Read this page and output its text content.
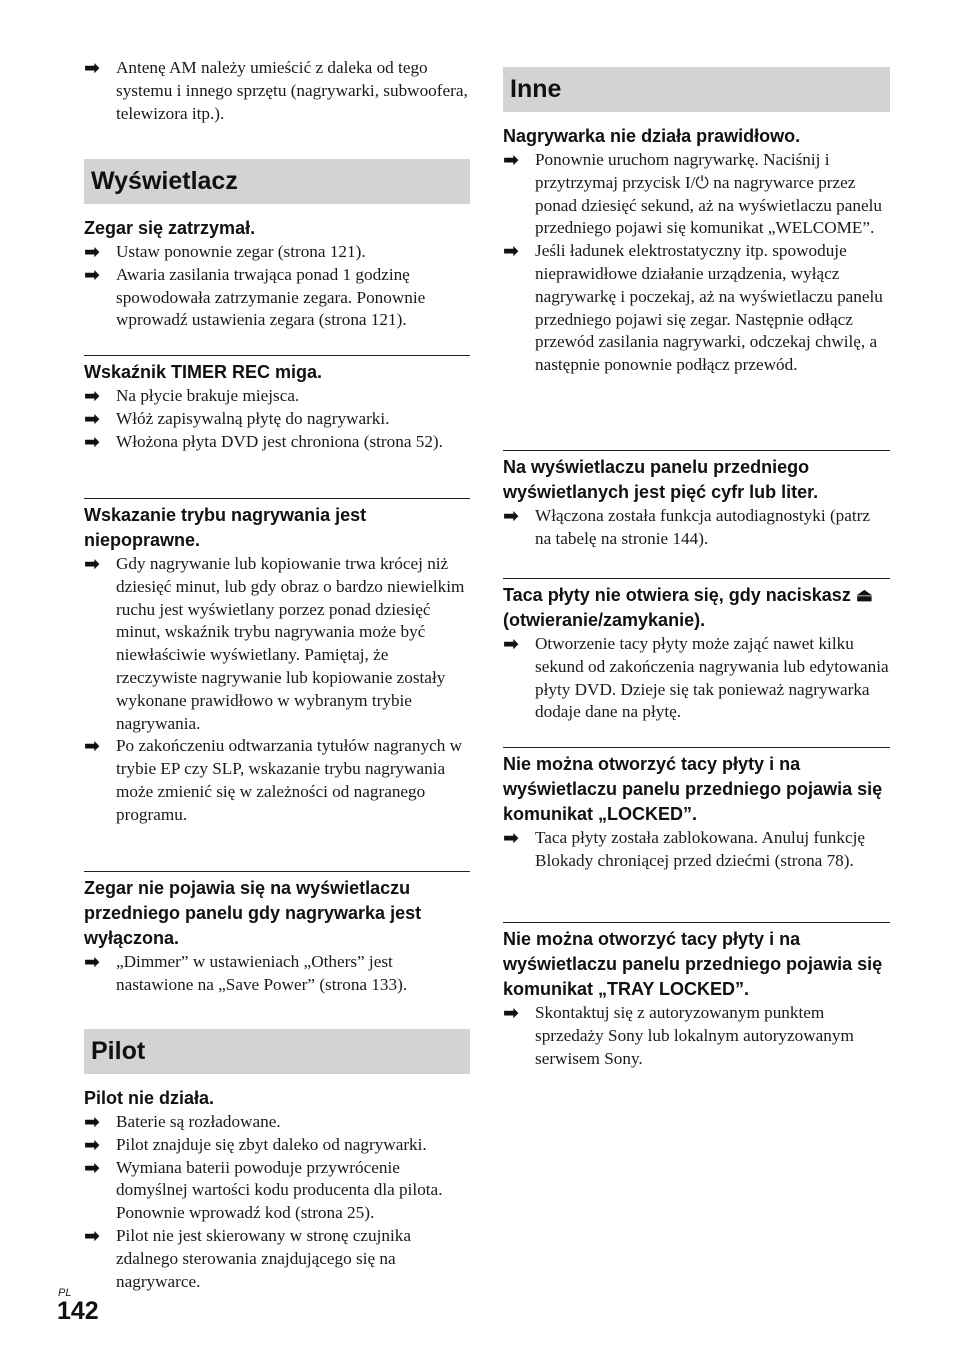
➡ Antenę AM należy umieścić z daleka od tego systemu i innego sprzętu (nagrywarki, subwoofera, telewizora itp.).
Wyświetlacz

Zegar się zatrzymał.

➡ Ustaw ponownie zegar (strona 121).
➡ Awaria zasilania trwająca ponad 1 godzinę spowodowała zatrzymanie zegara. Ponownie wprowadź ustawienia zegara (strona 121).

Wskaźnik TIMER REC miga.

➡ Na płycie brakuje miejsca.
➡ Włóż zapisywalną płytę do nagrywarki.
➡ Włożona płyta DVD jest chroniona (strona 52).

Wskazanie trybu nagrywania jest niepoprawne.

➡ Gdy nagrywanie lub kopiowanie trwa krócej niż dziesięć minut, lub gdy obraz o bardzo niewielkim ruchu jest wyświetlany porzez ponad dziesięć minut, wskaźnik trybu nagrywania może być niewłaściwie wyświetlany. Pamiętaj, że rzeczywiste nagrywanie lub kopiowanie zostały wykonane prawidłowo w wybranym trybie nagrywania.
➡ Po zakończeniu odtwarzania tytułów nagranych w trybie EP czy SLP, wskazanie trybu nagrywania może zmienić się w zależności od nagranego programu.

Zegar nie pojawia się na wyświetlaczu przedniego panelu gdy nagrywarka jest wyłączona.

➡ „Dimmer” w ustawieniach „Others” jest nastawione na „Save Power” (strona 133).
Pilot

Pilot nie działa.

➡ Baterie są rozładowane.
➡ Pilot znajduje się zbyt daleko od nagrywarki.
➡ Wymiana baterii powoduje przywrócenie domyślnej wartości kodu producenta dla pilota. Ponownie wprowadź kod (strona 25).
➡ Pilot nie jest skierowany w stronę czujnika zdalnego sterowania znajdującego się na nagrywarce.
Inne

Nagrywarka nie działa prawidłowo.

➡ Ponownie uruchom nagrywarkę. Naciśnij i przytrzymaj przycisk I/⏻ na nagrywarce przez ponad dziesięć sekund, aż na wyświetlaczu panelu przedniego pojawi się komunikat „WELCOME”.
➡ Jeśli ładunek elektrostatyczny itp. spowoduje nieprawidłowe działanie urządzenia, wyłącz nagrywarkę i poczekaj, aż na wyświetlaczu panelu przedniego pojawi się zegar. Następnie odłącz przewód zasilania nagrywarki, odczekaj chwilę, a następnie ponownie podłącz przewód.

Na wyświetlaczu panelu przedniego wyświetlanych jest pięć cyfr lub liter.

➡ Włączona została funkcja autodiagnostyki (patrz na tabelę na stronie 144).

Taca płyty nie otwiera się, gdy naciskasz ⏏ (otwieranie/zamykanie).

➡ Otworzenie tacy płyty może zająć nawet kilku sekund od zakończenia nagrywania lub edytowania płyty DVD. Dzieje się tak ponieważ nagrywarka dodaje dane na płytę.

Nie można otworzyć tacy płyty i na wyświetlaczu panelu przedniego pojawia się komunikat „LOCKED”.

➡ Taca płyty została zablokowana. Anuluj funkcję Blokady chroniącej przed dziećmi (strona 78).

Nie można otworzyć tacy płyty i na wyświetlaczu panelu przedniego pojawia się komunikat „TRAY LOCKED”.

➡ Skontaktuj się z autoryzowanym punktem sprzedaży Sony lub lokalnym autoryzowanym serwisem Sony.
PL
142
